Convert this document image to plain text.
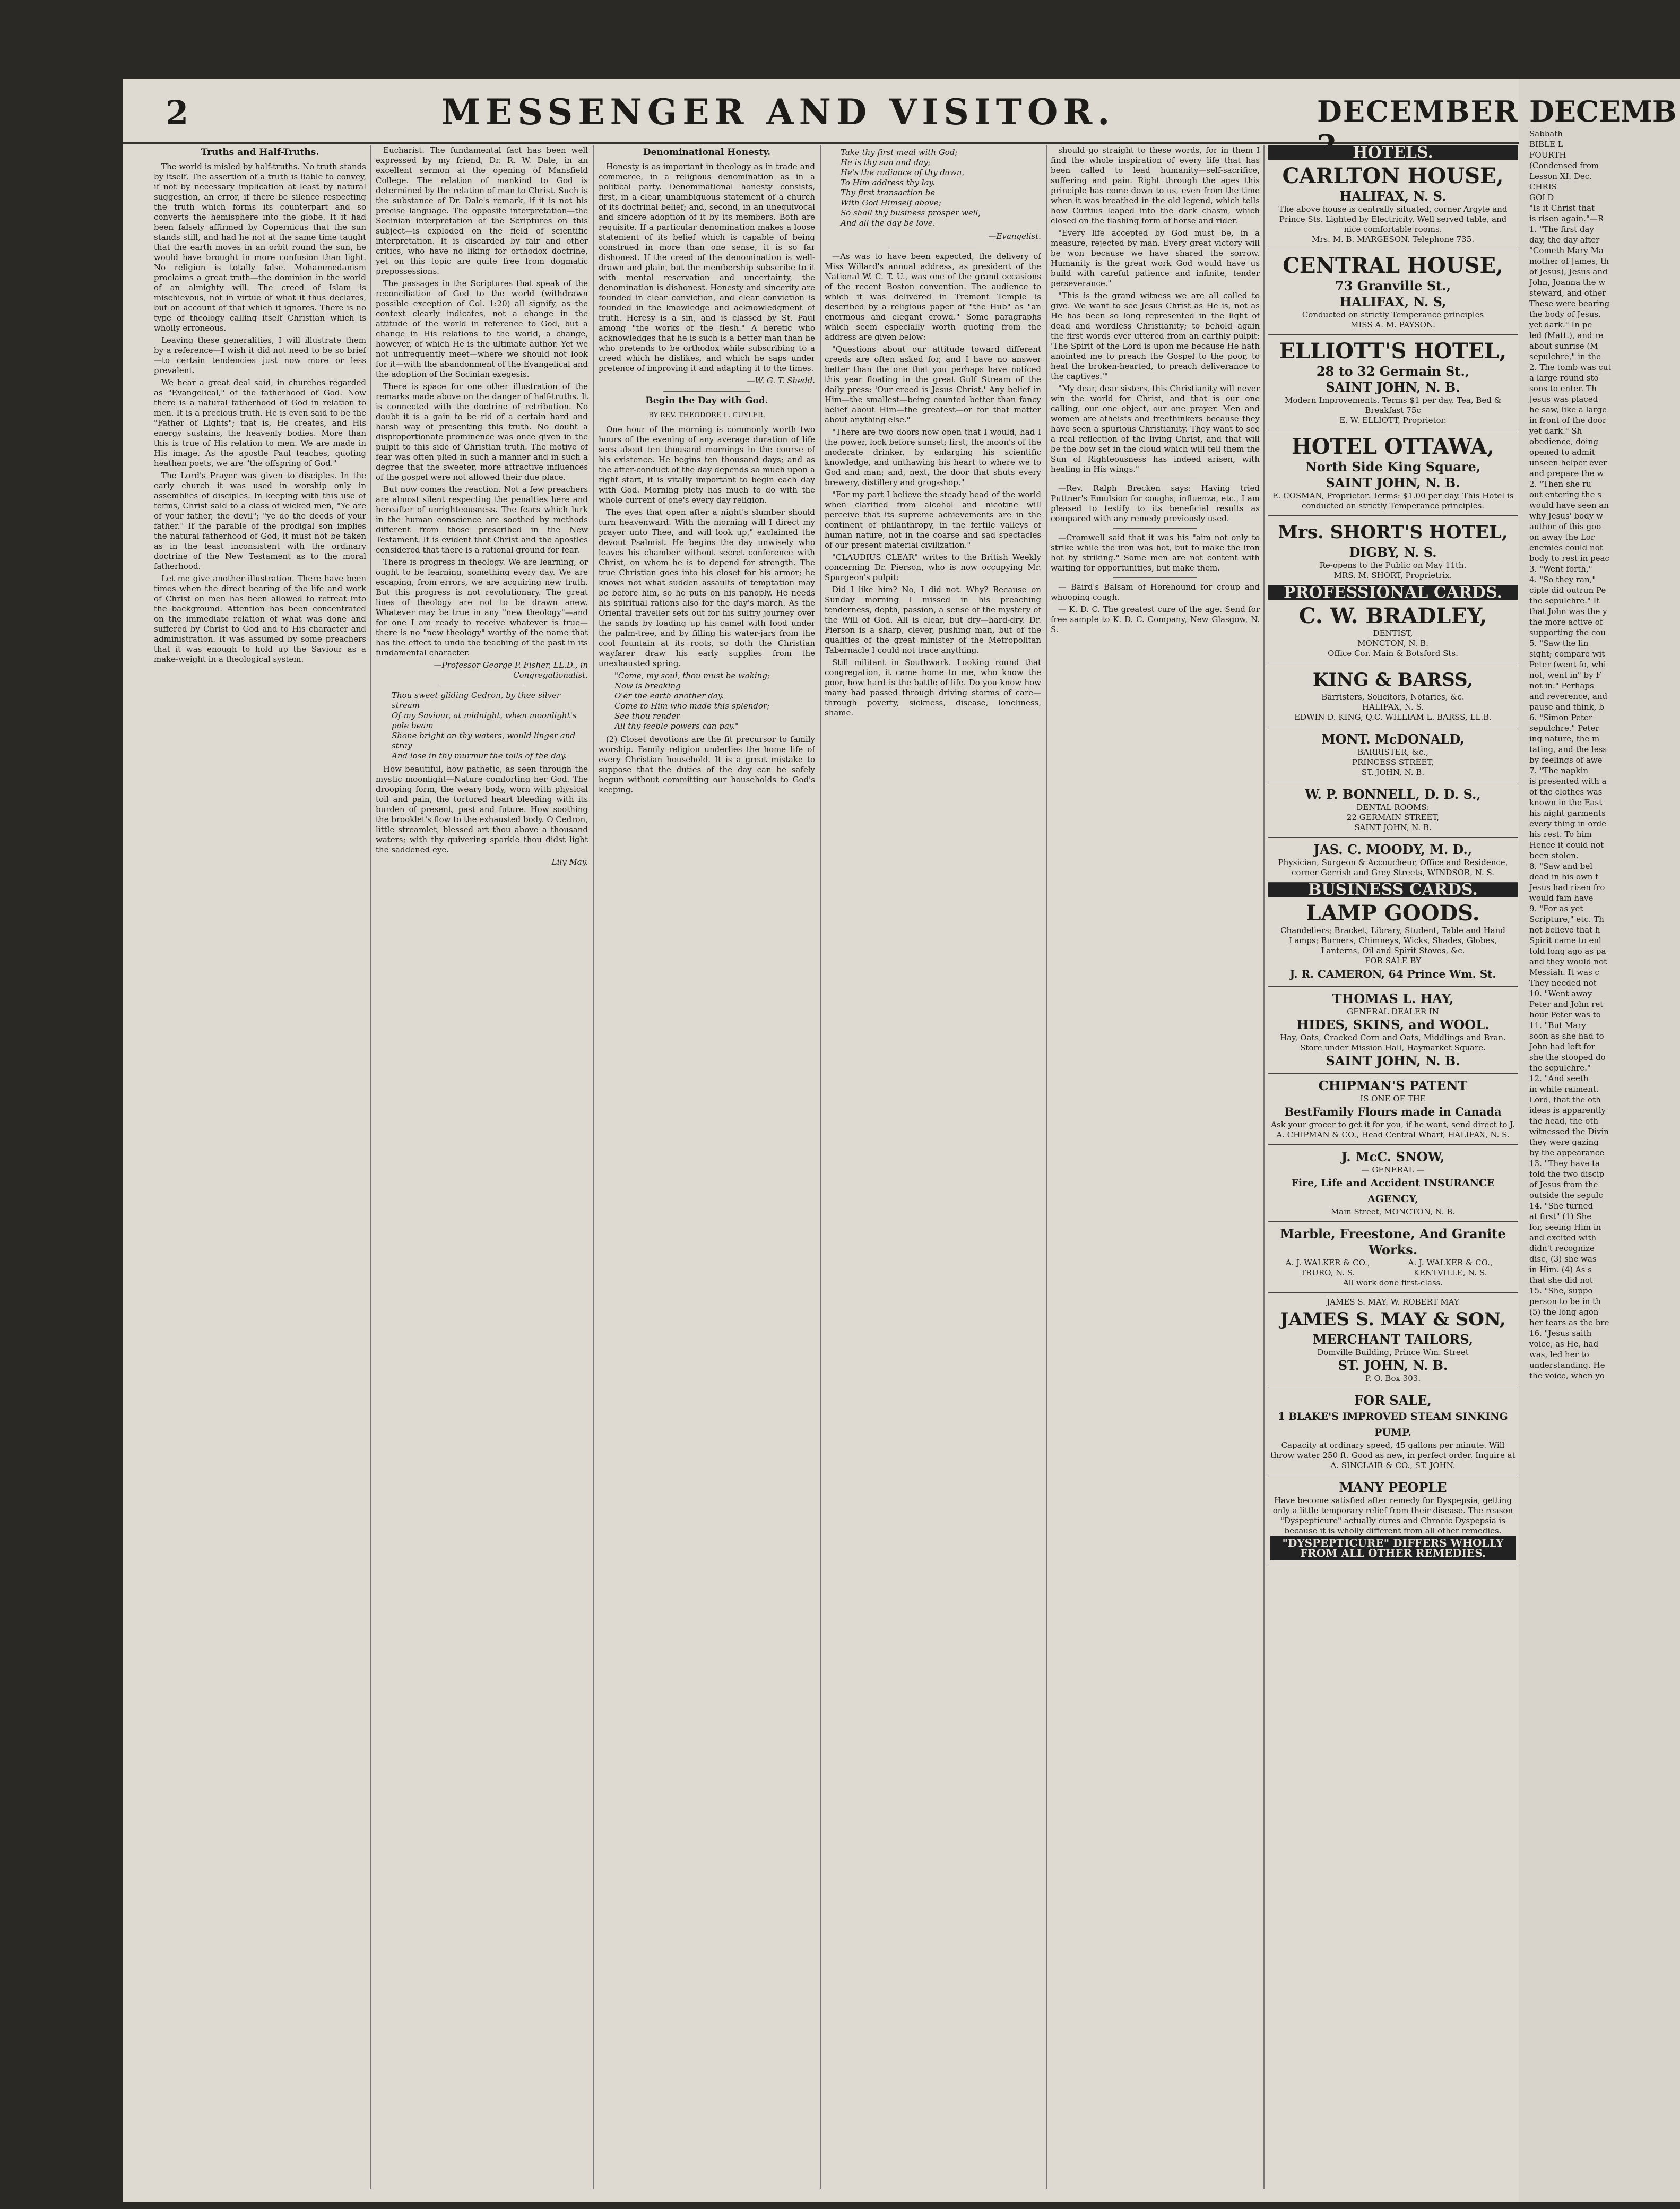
2	MESSENGER AND VISITOR.	DECEMBER
Truths and Half-Truths.

The world is misled by half-truths. No truth stands by itself. The assertion of a truth is liable to convey, if not by necessary implication at least by natural suggestion, an error, if there be silence respecting the truth which forms its counterpart and so converts the hemisphere into the globe. It it had been falsely affirmed by Copernicus that the sun stands still, and had he not at the same time taught that the earth moves in an orbit round the sun, he would have brought in more confusion than light. No religion is totally false. Mohammedanism proclaims a great truth—the dominion in the world of an almighty will. The creed of Islam is mischievous, not in virtue of what it thus declares, but on account of that which it ignores. There is no type of theology calling itself Christian which is wholly erroneous.

Leaving these generalities, I will illustrate them by a reference—I wish it did not need to be so brief—to certain tendencies just now more or less prevalent.

We hear a great deal said, in churches regarded as "Evangelical," of the fatherhood of God. Now there is a natural fatherhood of God in relation to men. It is a precious truth. He is even said to be the "Father of Lights"; that is, He creates, and His energy sustains, the heavenly bodies. More than this is true of His relation to men. We are made in His image. As the apostle Paul teaches, quoting heathen poets, we are "the offspring of God."

The Lord's Prayer was given to disciples. In the early church it was used in worship only in assemblies of disciples. In keeping with this use of terms, Christ said to a class of wicked men, "Ye are of your father, the devil"; "ye do the deeds of your father." If the parable of the prodigal son implies the natural fatherhood of God, it must not be taken as in the least inconsistent with the ordinary doctrine of the New Testament as to the moral fatherhood.

Let me give another illustration. There have been times when the direct bearing of the life and work of Christ on men has been allowed to retreat into the background. Attention has been concentrated on the immediate relation of what was done and suffered by Christ to God and to His character and administration. It was assumed by some preachers that it was enough to hold up the Saviour as a make-weight in a theological system.

Eucharist. The fundamental fact has been well expressed by my friend, Dr. R. W. Dale, in an excellent sermon at the opening of Mansfield College. The relation of mankind to God is determined by the relation of man to Christ. Such is the substance of Dr. Dale's remark, if it is not his precise language. The opposite interpretation—the Socinian interpretation of the Scriptures on this subject—is exploded on the field of scientific interpretation. It is discarded by fair and other critics, who have no liking for orthodox doctrine, yet on this topic are quite free from dogmatic prepossessions.

The passages in the Scriptures that speak of the reconciliation of God to the world (withdrawn possible exception of Col. 1:20) all signify, as the context clearly indicates, not a change in the attitude of the world in reference to God, but a change in His relations to the world, a change, however, of which He is the ultimate author. Yet we not unfrequently meet—where we should not look for it—with the abandonment of the Evangelical and the adoption of the Socinian exegesis.

There is space for one other illustration of the remarks made above on the danger of half-truths. It is connected with the doctrine of retribution. No doubt it is a gain to be rid of a certain hard and harsh way of presenting this truth. No doubt a disproportionate prominence was once given in the pulpit to this side of Christian truth. The motive of fear was often plied in such a manner and in such a degree that the sweeter, more attractive influences of the gospel were not allowed their due place.

But now comes the reaction. Not a few preachers are almost silent respecting the penalties here and hereafter of unrighteousness. The fears which lurk in the human conscience are soothed by methods different from those prescribed in the New Testament. It is evident that Christ and the apostles considered that there is a rational ground for fear.

There is progress in theology. We are learning, or ought to be learning, something every day. We are escaping, from errors, we are acquiring new truth. But this progress is not revolutionary. The great lines of theology are not to be drawn anew. Whatever may be true in any "new theology"—and for one I am ready to receive whatever is true—there is no "new theology" worthy of the name that has the effect to undo the teaching of the past in its fundamental character.

—Professor George P. Fisher, LL.D., in Congregationalist.
Thou sweet gliding Cedron, by thee silver stream
Of my Saviour, at midnight, when moonlight's pale beam
Shone bright on thy waters, would linger and stray
And lose in thy murmur the toils of the day.

How beautiful, how pathetic, as seen through the mystic moonlight—Nature comforting her God. The drooping form, the weary body, worn with physical toil and pain, the tortured heart bleeding with its burden of present, past and future. How soothing the brooklet's flow to the exhausted body. O Cedron, little streamlet, blessed art thou above a thousand waters; with thy quivering sparkle thou didst light the saddened eye.

Lily May.
Denominational Honesty.

Honesty is as important in theology as in trade and commerce, in a religious denomination as in a political party. Denominational honesty consists, first, in a clear, unambiguous statement of a church of its doctrinal belief; and, second, in an unequivocal and sincere adoption of it by its members. Both are requisite. If a particular denomination makes a loose statement of its belief which is capable of being construed in more than one sense, it is so far dishonest. If the creed of the denomination is well-drawn and plain, but the membership subscribe to it with mental reservation and uncertainty, the denomination is dishonest. Honesty and sincerity are founded in clear conviction, and clear conviction is founded in the knowledge and acknowledgment of truth. Heresy is a sin, and is classed by St. Paul among "the works of the flesh." A heretic who acknowledges that he is such is a better man than he who pretends to be orthodox while subscribing to a creed which he dislikes, and which he saps under pretence of improving it and adapting it to the times.

—W. G. T. Shedd.
Begin the Day with God.
BY REV. THEODORE L. CUYLER.

One hour of the morning is commonly worth two hours of the evening of any average duration of life sees about ten thousand mornings in the course of his existence. He begins ten thousand days; and as the after-conduct of the day depends so much upon a right start, it is vitally important to begin each day with God. Morning piety has much to do with the whole current of one's every day religion.

The eyes that open after a night's slumber should turn heavenward. With the morning will I direct my prayer unto Thee, and will look up," exclaimed the devout Psalmist. He begins the day unwisely who leaves his chamber without secret conference with Christ, on whom he is to depend for strength. The true Christian goes into his closet for his armor; he knows not what sudden assaults of temptation may be before him, so he puts on his panoply. He needs his spiritual rations also for the day's march. As the Oriental traveller sets out for his sultry journey over the sands by loading up his camel with food under the palm-tree, and by filling his water-jars from the cool fountain at its roots, so doth the Christian wayfarer draw his early supplies from the unexhausted spring.

"Come, my soul, thou must be waking;
Now is breaking
O'er the earth another day.
Come to Him who made this splendor;
See thou render
All thy feeble powers can pay."

(2) Closet devotions are the fit precursor to family worship. Family religion underlies the home life of every Christian household. It is a great mistake to suppose that the duties of the day can be safely begun without committing our households to God's keeping.

Take thy first meal with God;
He is thy sun and day;
He's the radiance of thy dawn,
To Him address thy lay.
Thy first transaction be
With God Himself above;
So shall thy business prosper well,
And all the day be love.
—Evangelist.

—As was to have been expected, the delivery of Miss Willard's annual address, as president of the National W. C. T. U., was one of the grand occasions of the recent Boston convention. The audience to which it was delivered in Tremont Temple is described by a religious paper of "the Hub" as "an enormous and elegant crowd." Some paragraphs which seem especially worth quoting from the address are given below:

"Questions about our attitude toward different creeds are often asked for, and I have no answer better than the one that you perhaps have noticed this year floating in the great Gulf Stream of the daily press: 'Our creed is Jesus Christ.' Any belief in Him—the smallest—being counted better than fancy belief about Him—the greatest—or for that matter about anything else."

"There are two doors now open that I would, had I the power, lock before sunset; first, the moon's of the moderate drinker, by enlarging his scientific knowledge, and unthawing his heart to where we to God and man; and, next, the door that shuts every brewery, distillery and grog-shop."

"For my part I believe the steady head of the world when clarified from alcohol and nicotine will perceive that its supreme achievements are in the continent of philanthropy, in the fertile valleys of human nature, not in the coarse and sad spectacles of our present material civilization."

"CLAUDIUS CLEAR" writes to the British Weekly concerning Dr. Pierson, who is now occupying Mr. Spurgeon's pulpit:

Did I like him? No, I did not. Why? Because on Sunday morning I missed in his preaching tenderness, depth, passion, a sense of the mystery of the Will of God. All is clear, but dry—hard-dry. Dr. Pierson is a sharp, clever, pushing man, but of the qualities of the great minister of the Metropolitan Tabernacle I could not trace anything.

Still militant in Southwark. Looking round that congregation, it came home to me, who know the poor, how hard is the battle of life. Do you know how many had passed through driving storms of care—through poverty, sickness, disease, loneliness, shame.

should go straight to these words, for in them I find the whole inspiration of every life that has been called to lead humanity—self-sacrifice, suffering and pain. Right through the ages this principle has come down to us, even from the time when it was breathed in the old legend, which tells how Curtius leaped into the dark chasm, which closed on the flashing form of horse and rider.

"Every life accepted by God must be, in a measure, rejected by man. Every great victory will be won because we have shared the sorrow. Humanity is the great work God would have us build with careful patience and infinite, tender perseverance."

"This is the grand witness we are all called to give. We want to see Jesus Christ as He is, not as He has been so long represented in the light of dead and wordless Christianity; to behold again the first words ever uttered from an earthly pulpit: 'The Spirit of the Lord is upon me because He hath anointed me to preach the Gospel to the poor, to heal the broken-hearted, to preach deliverance to the captives.'"

"My dear, dear sisters, this Christianity will never win the world for Christ, and that is our one calling, our one object, our one prayer. Men and women are atheists and freethinkers because they have seen a spurious Christianity. They want to see a real reflection of the living Christ, and that will be the bow set in the cloud which will tell them the Sun of Righteousness has indeed arisen, with healing in His wings."

—Rev. Ralph Brecken says: Having tried Puttner's Emulsion for coughs, influenza, etc., I am pleased to testify to its beneficial results as compared with any remedy previously used.

—Cromwell said that it was his "aim not only to strike while the iron was hot, but to make the iron hot by striking." Some men are not content with waiting for opportunities, but make them.

— Baird's Balsam of Horehound for croup and whooping cough.

— K. D. C. The greatest cure of the age. Send for free sample to K. D. C. Company, New Glasgow, N. S.

HOTELS.
CARLTON HOUSE,
HALIFAX, N. S.
The above house is centrally situated, corner Argyle and Prince Sts. Lighted by Electricity. Well served table, and nice comfortable rooms.
Mrs. M. B. MARGESON. Telephone 735.
CENTRAL HOUSE,
73 Granville St.,
HALIFAX, N. S,
Conducted on strictly Temperance principles
MISS A. M. PAYSON.
ELLIOTT'S HOTEL,
28 to 32 Germain St.,
SAINT JOHN, N. B.
Modern Improvements. Terms $1 per day. Tea, Bed & Breakfast 75c
E. W. ELLIOTT, Proprietor.
HOTEL OTTAWA,
North Side King Square,
SAINT JOHN, N. B.
E. COSMAN, Proprietor. Terms: $1.00 per day. This Hotel is conducted on strictly Temperance principles.
Mrs. SHORT'S HOTEL,
DIGBY, N. S.
Re-opens to the Public on May 11th.
MRS. M. SHORT, Proprietrix.
PROFESSIONAL CARDS.
C. W. BRADLEY,
DENTIST,
MONCTON, N. B.
Office Cor. Main & Botsford Sts.
KING & BARSS,
Barristers, Solicitors, Notaries, &c.
HALIFAX, N. S.
EDWIN D. KING, Q.C. WILLIAM L. BARSS, LL.B.
MONT. McDONALD,
BARRISTER, &c.,
PRINCESS STREET,
ST. JOHN, N. B.
W. P. BONNELL, D. D. S.,
DENTAL ROOMS:
22 GERMAIN STREET,
SAINT JOHN, N. B.
JAS. C. MOODY, M. D.,
Physician, Surgeon & Accoucheur, Office and Residence, corner Gerrish and Grey Streets, WINDSOR, N. S.
BUSINESS CARDS.
LAMP GOODS.
Chandeliers; Bracket, Library, Student, Table and Hand Lamps; Burners, Chimneys, Wicks, Shades, Globes, Lanterns, Oil and Spirit Stoves, &c.
FOR SALE BY
J. R. CAMERON, 64 Prince Wm. St.
THOMAS L. HAY,
GENERAL DEALER IN
HIDES, SKINS, and WOOL.
Hay, Oats, Cracked Corn and Oats, Middlings and Bran. Store under Mission Hall, Haymarket Square.
SAINT JOHN, N. B.
CHIPMAN'S PATENT
IS ONE OF THE
BestFamily Flours made in Canada
Ask your grocer to get it for you, if he wont, send direct to J. A. CHIPMAN & CO., Head Central Wharf, HALIFAX, N. S.
J. McC. SNOW,
— GENERAL —
Fire, Life and Accident INSURANCE AGENCY,
Main Street, MONCTON, N. B.
Marble, Freestone, And Granite Works.
A. J. WALKER & CO., TRURO, N. S.
A. J. WALKER & CO., KENTVILLE, N. S.
All work done first-class.
JAMES S. MAY. W. ROBERT MAY
JAMES S. MAY & SON,
MERCHANT TAILORS,
Domville Building, Prince Wm. Street
ST. JOHN, N. B.
P. O. Box 303.
FOR SALE,
1 BLAKE'S IMPROVED STEAM SINKING PUMP.
Capacity at ordinary speed, 45 gallons per minute. Will throw water 250 ft. Good as new, in perfect order. Inquire at A. SINCLAIR & CO., ST. JOHN.
MANY PEOPLE
Have become satisfied after remedy for Dyspepsia, getting only a little temporary relief from their disease. The reason "Dyspepticure" actually cures and Chronic Dyspepsia is because it is wholly different from all other remedies.
"DYSPEPTICURE" DIFFERS WHOLLY FROM ALL OTHER REMEDIES.
DECEMB
Sabbath
BIBLE L
FOURTH
(Condensed from
Lesson XI. Dec.
CHRIS
GOLD
"Is it Christ that
is risen again."—R
1. "The first day
day, the day after
"Cometh Mary Ma
mother of James, th
of Jesus), Jesus and
John, Joanna the w
steward, and other
These were bearing
the body of Jesus.
yet dark." In pe
led (Matt.), and re
about sunrise (M
sepulchre," in the
2. The tomb was cut
a large round sto
sons to enter. Th
Jesus was placed
he saw, like a large
in front of the door
yet dark." Sh
obedience, doing
opened to admit
unseen helper ever
and prepare the w
2. "Then she ru
out entering the s
would have seen an
why Jesus' body w
author of this goo
on away the Lor
enemies could not
body to rest in peac
3. "Went forth,"
4. "So they ran,"
ciple did outrun Pe
the sepulchre." It
that John was the y
the more active of
supporting the cou
5. "Saw the lin
sight; compare wit
Peter (went fo, whi
not, went in" by F
not in." Perhaps
and reverence, and
pause and think, b
6. "Simon Peter
sepulchre." Peter
ing nature, the m
tating, and the less
by feelings of awe
7. "The napkin
is presented with a
of the clothes was
known in the East
his night garments
every thing in orde
his rest. To him
Hence it could not
been stolen.
8. "Saw and bel
dead in his own t
Jesus had risen fro
would fain have
9. "For as yet
Scripture," etc. Th
not believe that h
Spirit came to enl
told long ago as pa
and they would not
Messiah. It was c
They needed not
10. "Went away
Peter and John ret
hour Peter was to
11. "But Mary
soon as she had to
John had left for
she the stooped do
the sepulchre."
12. "And seeth
in white raiment.
Lord, that the oth
ideas is apparently
the head, the oth
witnessed the Divin
they were gazing
by the appearance
13. "They have ta
told the two discip
of Jesus from the
outside the sepulc
14. "She turned
at first" (1) She
for, seeing Him in
and excited with
didn't recognize
disc, (3) she was
in Him. (4) As s
that she did not
15. "She, suppo
person to be in th
(5) the long agon
her tears as the bre
16. "Jesus saith
voice, as He, had
was, led her to
understanding. He
the voice, when yo
